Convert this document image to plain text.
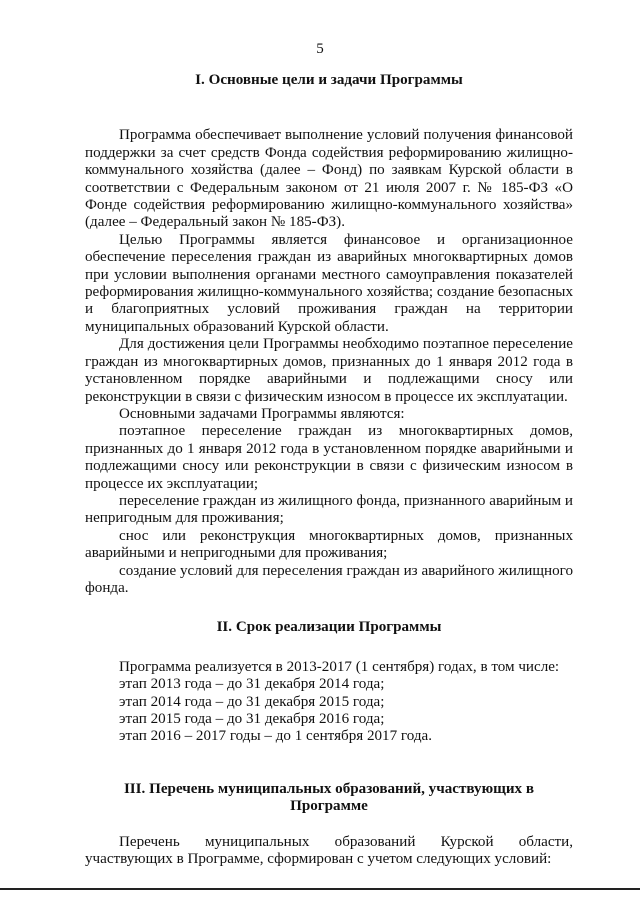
5

I. Основные цели и задачи Программы

Программа обеспечивает выполнение условий получения финансовой поддержки за счет средств Фонда содействия реформированию жилищно-коммунального хозяйства (далее – Фонд) по заявкам Курской области в соответствии с Федеральным законом от 21 июля 2007 г. № 185-ФЗ «О Фонде содействия реформированию жилищно-коммунального хозяйства» (далее – Федеральный закон № 185-ФЗ).

Целью Программы является финансовое и организационное обеспечение переселения граждан из аварийных многоквартирных домов при условии выполнения органами местного самоуправления показателей реформирования жилищно-коммунального хозяйства; создание безопасных и благоприятных условий проживания граждан на территории муниципальных образований Курской области.

Для достижения цели Программы необходимо поэтапное переселение граждан из многоквартирных домов, признанных до 1 января 2012 года в установленном порядке аварийными и подлежащими сносу или реконструкции в связи с физическим износом в процессе их эксплуатации.

Основными задачами Программы являются:

поэтапное переселение граждан из многоквартирных домов, признанных до 1 января 2012 года в установленном порядке аварийными и подлежащими сносу или реконструкции в связи с физическим износом в процессе их эксплуатации;

переселение граждан из жилищного фонда, признанного аварийным и непригодным для проживания;

снос или реконструкция многоквартирных домов, признанных аварийными и непригодными для проживания;

создание условий для переселения граждан из аварийного жилищного фонда.

II. Срок реализации Программы

Программа реализуется в 2013-2017 (1 сентября) годах, в том числе:

этап 2013 года – до 31 декабря 2014 года;

этап 2014 года – до 31 декабря 2015 года;

этап 2015 года – до 31 декабря 2016 года;

этап 2016 – 2017 годы – до 1 сентября 2017 года.

III. Перечень муниципальных образований, участвующих в

Программе

Перечень муниципальных образований Курской области, участвующих в Программе, сформирован с учетом следующих условий:
